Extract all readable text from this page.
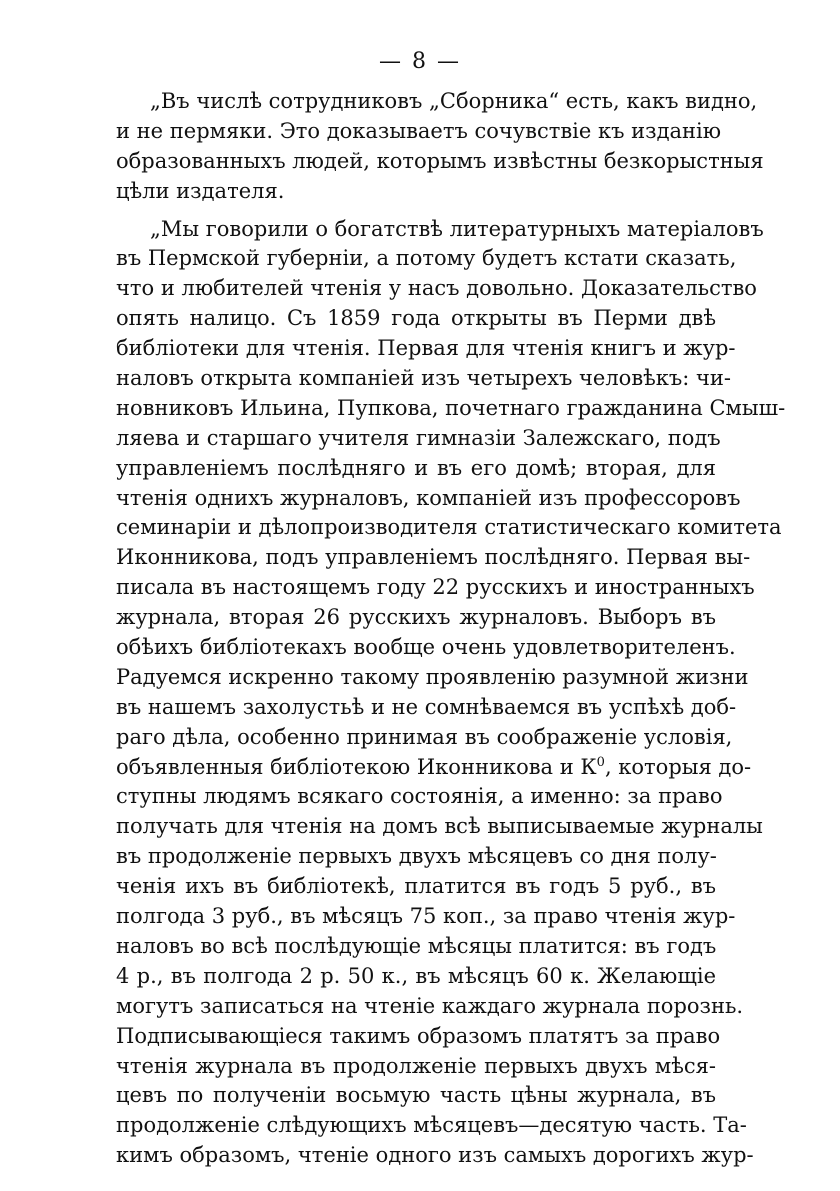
— 8 —
„Въ числѣ сотрудниковъ „Сборника“ есть, какъ видно,
и не пермяки. Это доказываетъ сочувствіе къ изданію
образованныхъ людей, которымъ извѣстны безкорыстныя
цѣли издателя.
„Мы говорили о богатствѣ литературныхъ матеріаловъ
въ Пермской губерніи, а потому будетъ кстати сказать,
что и любителей чтенія у насъ довольно. Доказательство
опять налицо. Съ 1859 года открыты въ Перми двѣ
библіотеки для чтенія. Первая для чтенія книгъ и жур-
наловъ открыта компаніей изъ четырехъ человѣкъ: чи-
новниковъ Ильина, Пупкова, почетнаго гражданина Смыш-
ляева и старшаго учителя гимназіи Залежскаго, подъ
управленіемъ послѣдняго и въ его домѣ; вторая, для
чтенія однихъ журналовъ, компаніей изъ профессоровъ
семинаріи и дѣлопроизводителя статистическаго комитета
Иконникова, подъ управленіемъ послѣдняго. Первая вы-
писала въ настоящемъ году 22 русскихъ и иностранныхъ
журнала, вторая 26 русскихъ журналовъ. Выборъ въ
обѣихъ библіотекахъ вообще очень удовлетворителенъ.
Радуемся искренно такому проявленію разумной жизни
въ нашемъ захолустьѣ и не сомнѣваемся въ успѣхѣ доб-
раго дѣла, особенно принимая въ соображеніе условія,
объявленныя библіотекою Иконникова и $К^0$, которыя до-
ступны людямъ всякаго состоянія, а именно: за право
получать для чтенія на домъ всѣ выписываемые журналы
въ продолженіе первыхъ двухъ мѣсяцевъ со дня полу-
ченія ихъ въ библіотекѣ, платится въ годъ 5 руб., въ
полгода 3 руб., въ мѣсяцъ 75 коп., за право чтенія жур-
наловъ во всѣ послѣдующіе мѣсяцы платится: въ годъ
4 р., въ полгода 2 р. 50 к., въ мѣсяцъ 60 к. Желающіе
могутъ записаться на чтеніе каждаго журнала порознь.
Подписывающіеся такимъ образомъ платятъ за право
чтенія журнала въ продолженіе первыхъ двухъ мѣся-
цевъ по полученіи восьмую часть цѣны журнала, въ
продолженіе слѣдующихъ мѣсяцевъ—десятую часть. Та-
кимъ образомъ, чтеніе одного изъ самыхъ дорогихъ жур-
